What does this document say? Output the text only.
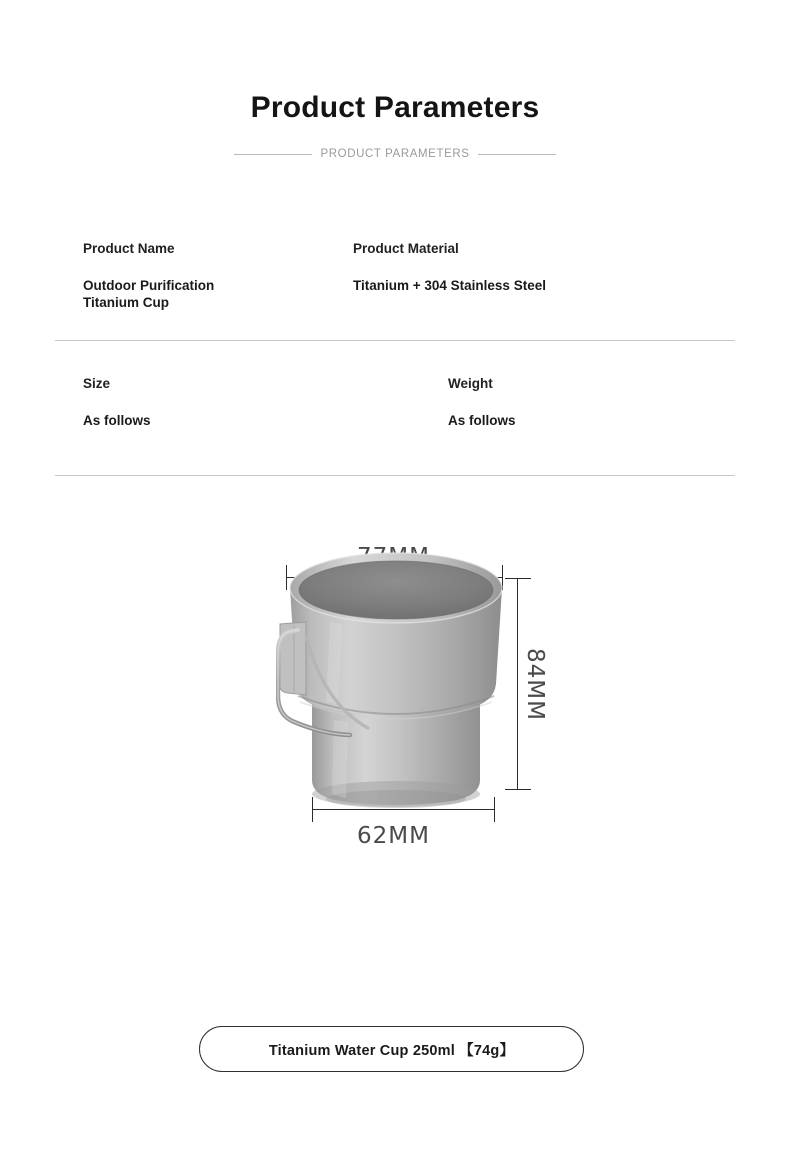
Product Parameters
PRODUCT PARAMETERS
Product Name
Outdoor Purification Titanium Cup
Product Material
Titanium + 304 Stainless Steel
Size
As follows
Weight
As follows
84MM
62MM
Titanium Water Cup 250ml 【74g】
